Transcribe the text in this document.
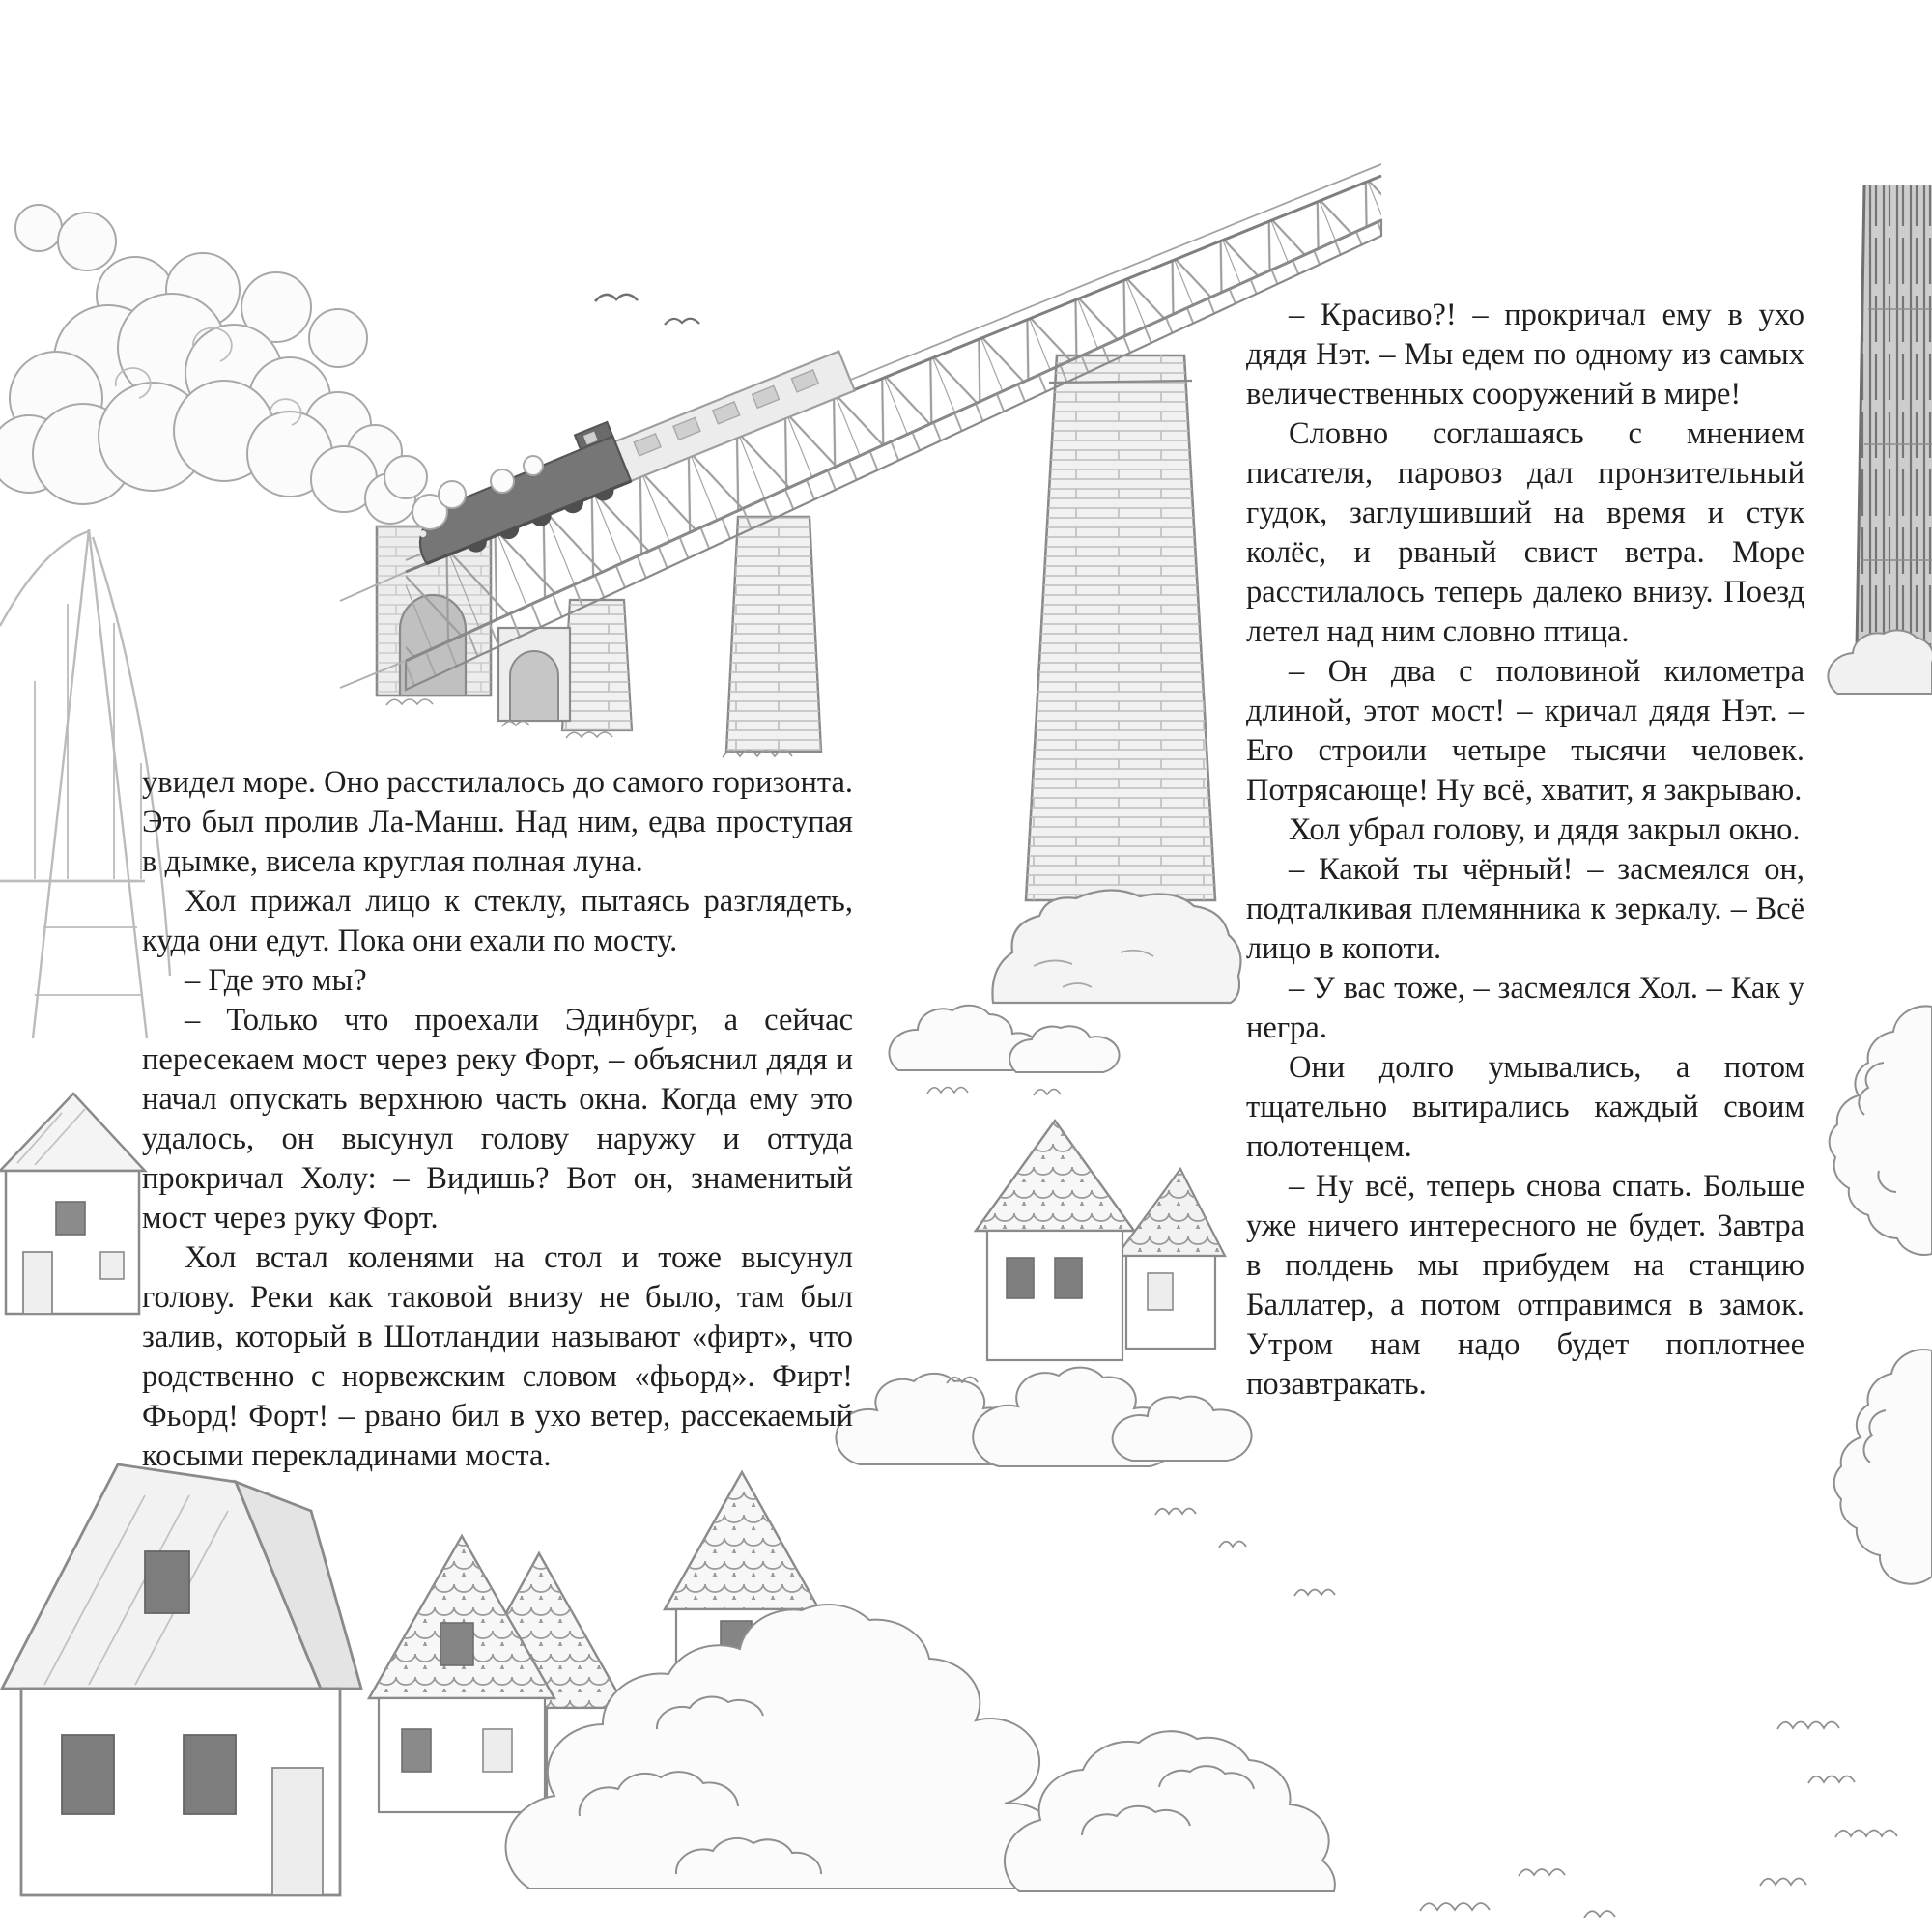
увидел море. Оно расстилалось до самого горизонта. Это был пролив Ла-Манш. Над ним, едва проступая в дымке, висела круглая полная луна.

Хол прижал лицо к стеклу, пытаясь разглядеть, куда они едут. Пока они ехали по мосту.

– Где это мы?

– Только что проехали Эдинбург, а сейчас пересекаем мост через реку Форт, – объяснил дядя и начал опускать верхнюю часть окна. Когда ему это удалось, он высунул голову наружу и оттуда прокричал Холу: – Видишь? Вот он, знаменитый мост через руку Форт.

Хол встал коленями на стол и тоже высунул голову. Реки как таковой внизу не было, там был залив, который в Шотландии называют «фирт», что родственно с норвежским словом «фьорд». Фирт! Фьорд! Форт! – рвано бил в ухо ветер, рассекаемый косыми перекладинами моста.

– Красиво?! – прокричал ему в ухо дядя Нэт. – Мы едем по одному из самых величественных сооружений в мире!

Словно соглашаясь с мнением писателя, паровоз дал пронзительный гудок, заглушивший на время и стук колёс, и рваный свист ветра. Море расстилалось теперь далеко внизу. Поезд летел над ним словно птица.

– Он два с половиной километра длиной, этот мост! – кричал дядя Нэт. – Его строили четыре тысячи человек. Потрясающе! Ну всё, хватит, я закрываю.

Хол убрал голову, и дядя закрыл окно.

– Какой ты чёрный! – засмеялся он, подталкивая племянника к зеркалу. – Всё лицо в копоти.

– У вас тоже, – засмеялся Хол. – Как у негра.

Они долго умывались, а потом тщательно вытирались каждый своим полотенцем.

– Ну всё, теперь снова спать. Больше уже ничего интересного не будет. Завтра в полдень мы прибудем на станцию Баллатер, а потом отправимся в замок. Утром нам надо будет поплотнее позавтракать.
